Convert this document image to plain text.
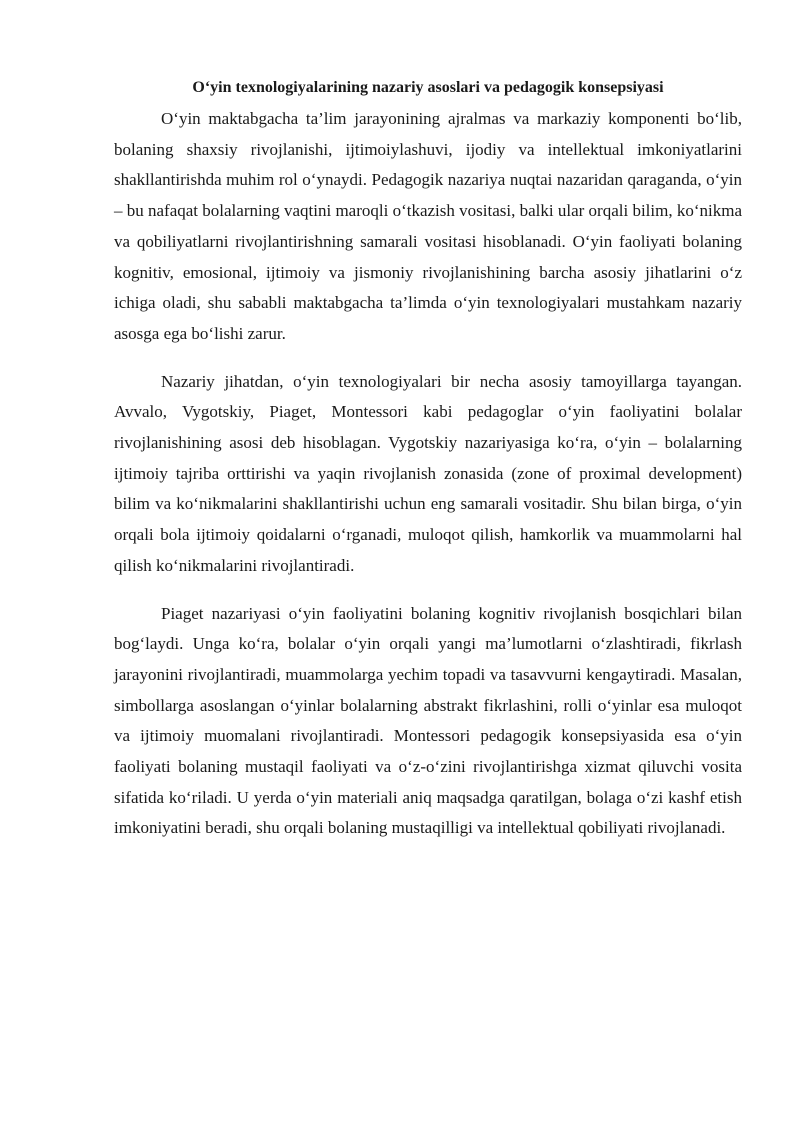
O‘yin texnologiyalarining nazariy asoslari va pedagogik konsepsiyasi

O‘yin maktabgacha ta’lim jarayonining ajralmas va markaziy komponenti bo‘lib, bolaning shaxsiy rivojlanishi, ijtimoiylashuvi, ijodiy va intellektual imkoniyatlarini shakllantirishda muhim rol o‘ynaydi. Pedagogik nazariya nuqtai nazaridan qaraganda, o‘yin – bu nafaqat bolalarning vaqtini maroqli o‘tkazish vositasi, balki ular orqali bilim, ko‘nikma va qobiliyatlarni rivojlantirishning samarali vositasi hisoblanadi. O‘yin faoliyati bolaning kognitiv, emosional, ijtimoiy va jismoniy rivojlanishining barcha asosiy jihatlarini o‘z ichiga oladi, shu sababli maktabgacha ta’limda o‘yin texnologiyalari mustahkam nazariy asosga ega bo‘lishi zarur.

Nazariy jihatdan, o‘yin texnologiyalari bir necha asosiy tamoyillarga tayangan. Avvalo, Vygotskiy, Piaget, Montessori kabi pedagoglar o‘yin faoliyatini bolalar rivojlanishining asosi deb hisoblagan. Vygotskiy nazariyasiga ko‘ra, o‘yin – bolalarning ijtimoiy tajriba orttirishi va yaqin rivojlanish zonasida (zone of proximal development) bilim va ko‘nikmalarini shakllantirishi uchun eng samarali vositadir. Shu bilan birga, o‘yin orqali bola ijtimoiy qoidalarni o‘rganadi, muloqot qilish, hamkorlik va muammolarni hal qilish ko‘nikmalarini rivojlantiradi.

Piaget nazariyasi o‘yin faoliyatini bolaning kognitiv rivojlanish bosqichlari bilan bog‘laydi. Unga ko‘ra, bolalar o‘yin orqali yangi ma’lumotlarni o‘zlashtiradi, fikrlash jarayonini rivojlantiradi, muammolarga yechim topadi va tasavvurni kengaytiradi. Masalan, simbollarga asoslangan o‘yinlar bolalarning abstrakt fikrlashini, rolli o‘yinlar esa muloqot va ijtimoiy muomalani rivojlantiradi. Montessori pedagogik konsepsiyasida esa o‘yin faoliyati bolaning mustaqil faoliyati va o‘z-o‘zini rivojlantirishga xizmat qiluvchi vosita sifatida ko‘riladi. U yerda o‘yin materiali aniq maqsadga qaratilgan, bolaga o‘zi kashf etish imkoniyatini beradi, shu orqali bolaning mustaqilligi va intellektual qobiliyati rivojlanadi.
